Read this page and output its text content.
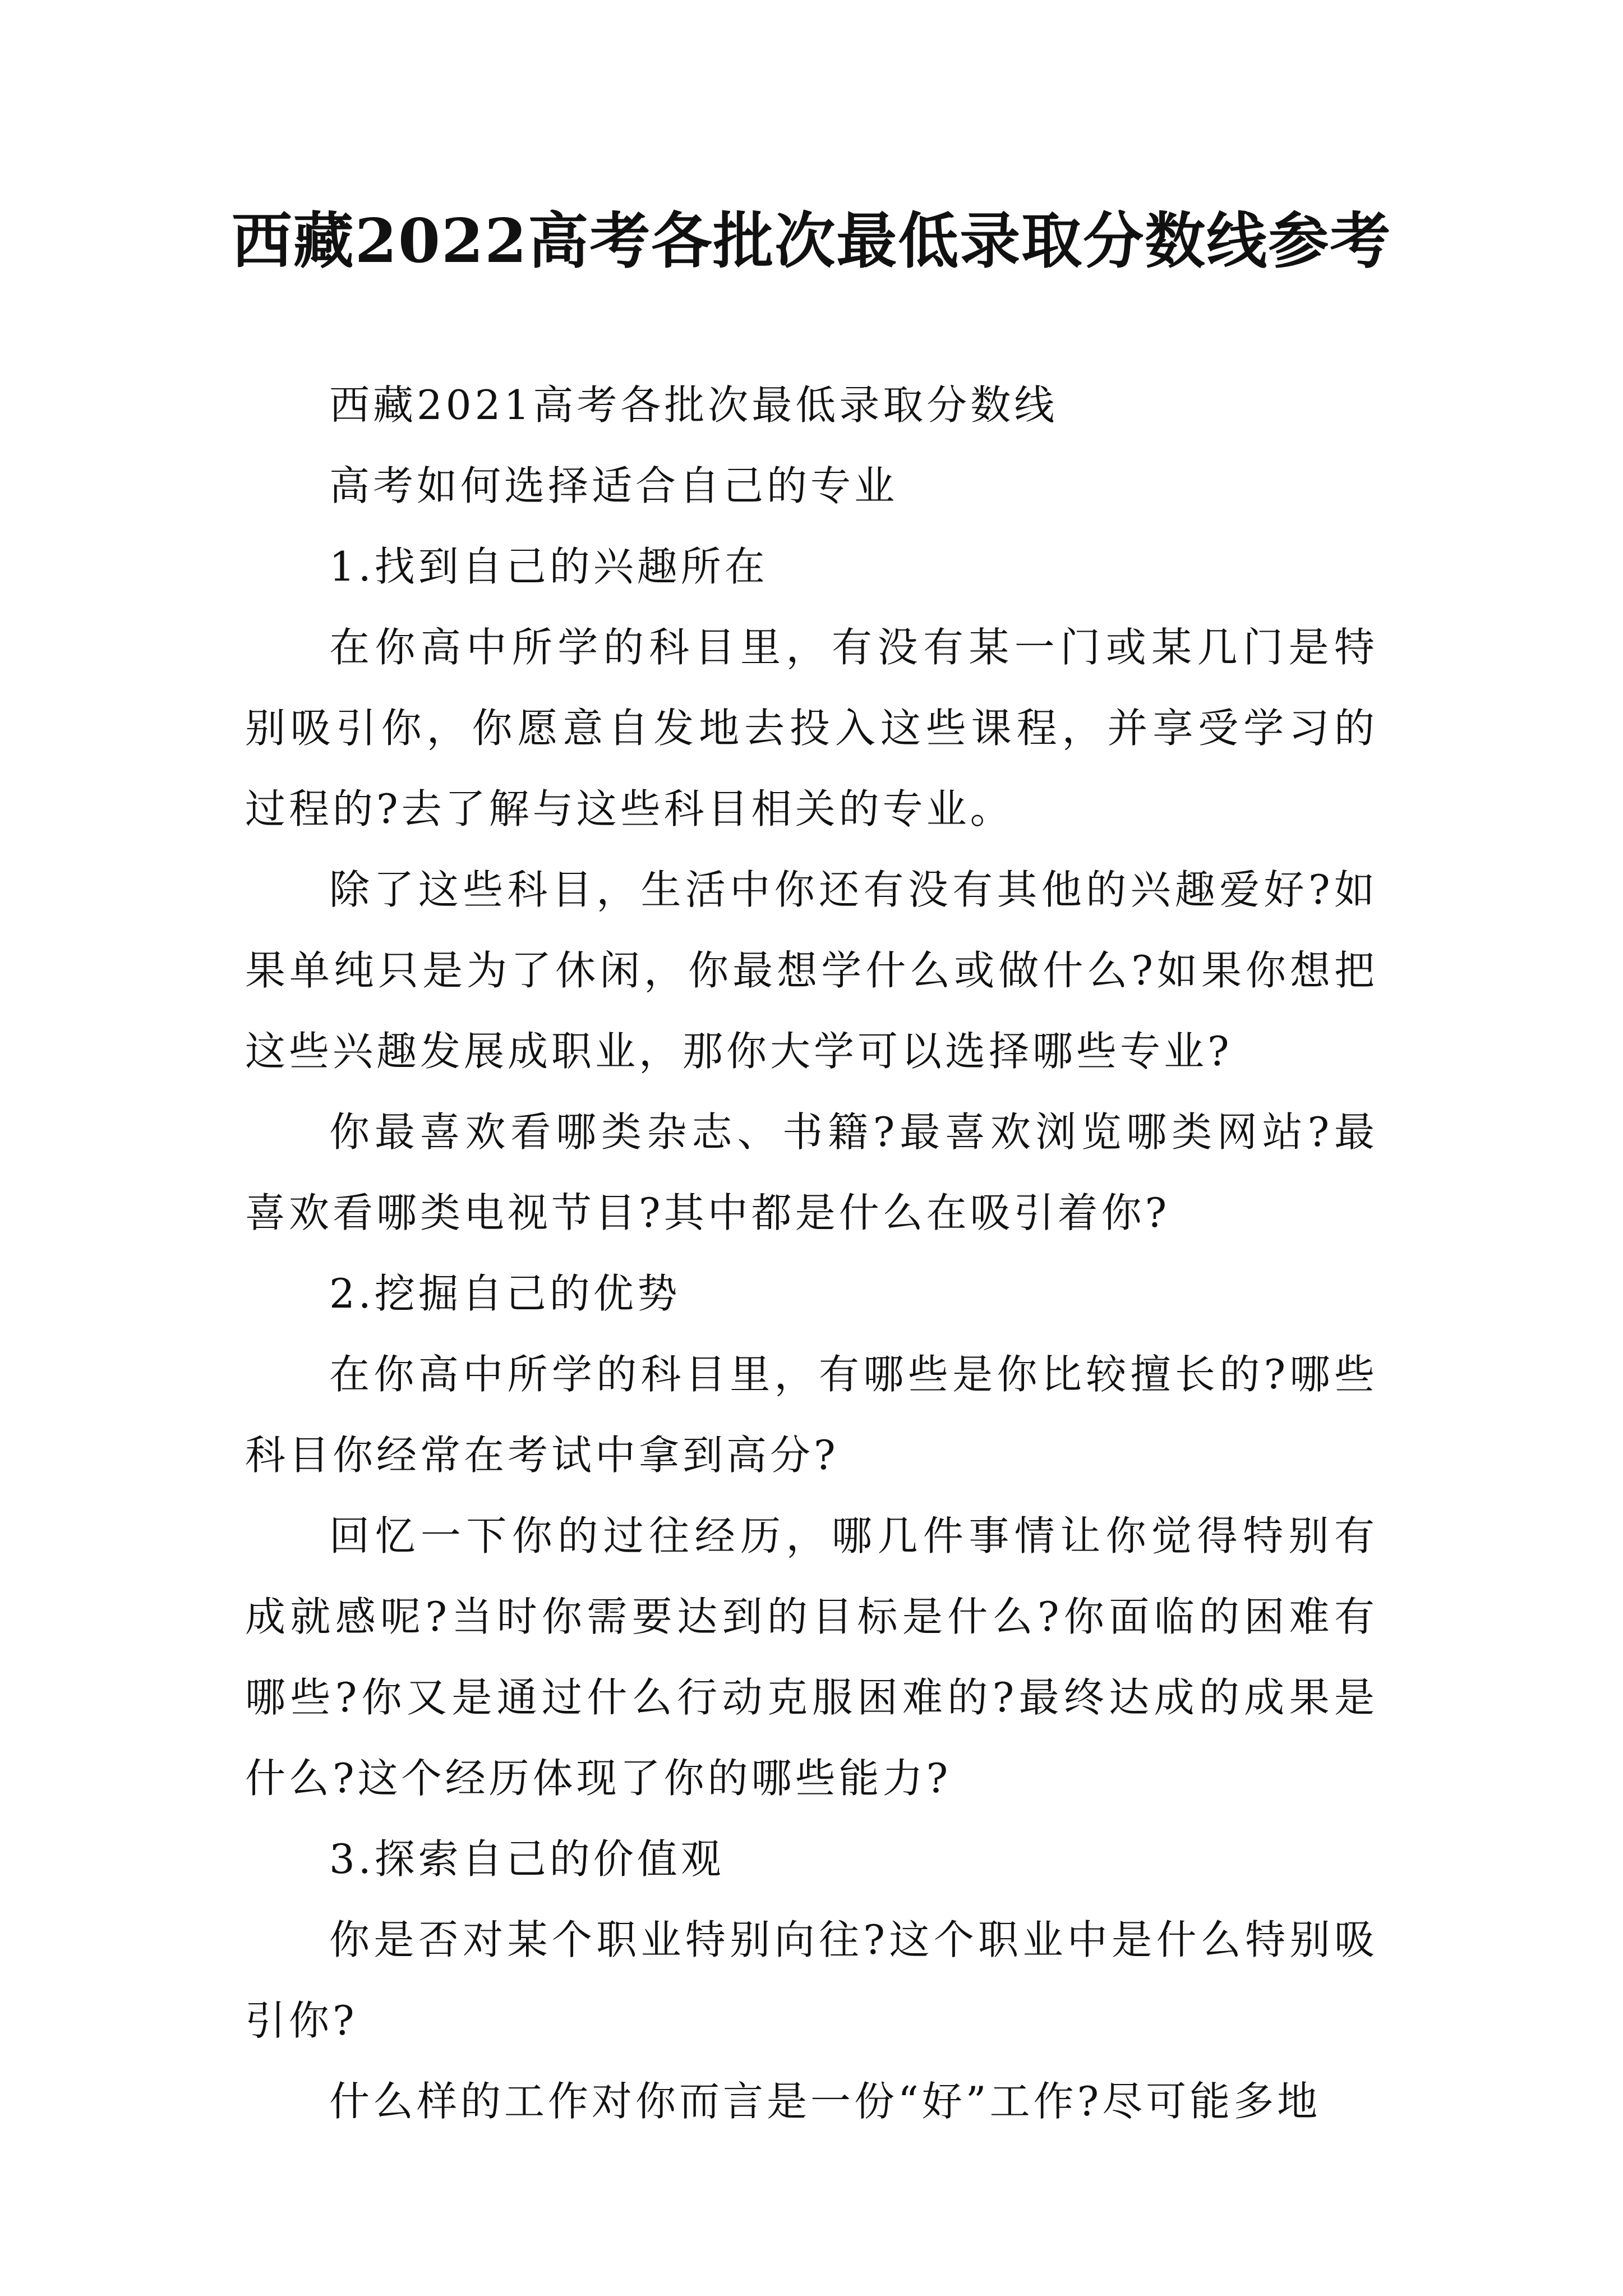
西藏2022高考各批次最低录取分数线参考

西藏2021高考各批次最低录取分数线

高考如何选择适合自己的专业

1.找到自己的兴趣所在

在你高中所学的科目里，有没有某一门或某几门是特别吸引你，你愿意自发地去投入这些课程，并享受学习的过程的?去了解与这些科目相关的专业。

除了这些科目，生活中你还有没有其他的兴趣爱好?如果单纯只是为了休闲，你最想学什么或做什么?如果你想把这些兴趣发展成职业，那你大学可以选择哪些专业?

你最喜欢看哪类杂志、书籍?最喜欢浏览哪类网站?最喜欢看哪类电视节目?其中都是什么在吸引着你?

2.挖掘自己的优势

在你高中所学的科目里，有哪些是你比较擅长的?哪些科目你经常在考试中拿到高分?

回忆一下你的过往经历，哪几件事情让你觉得特别有成就感呢?当时你需要达到的目标是什么?你面临的困难有哪些?你又是通过什么行动克服困难的?最终达成的成果是什么?这个经历体现了你的哪些能力?

3.探索自己的价值观

你是否对某个职业特别向往?这个职业中是什么特别吸引你?

什么样的工作对你而言是一份“好”工作?尽可能多地
